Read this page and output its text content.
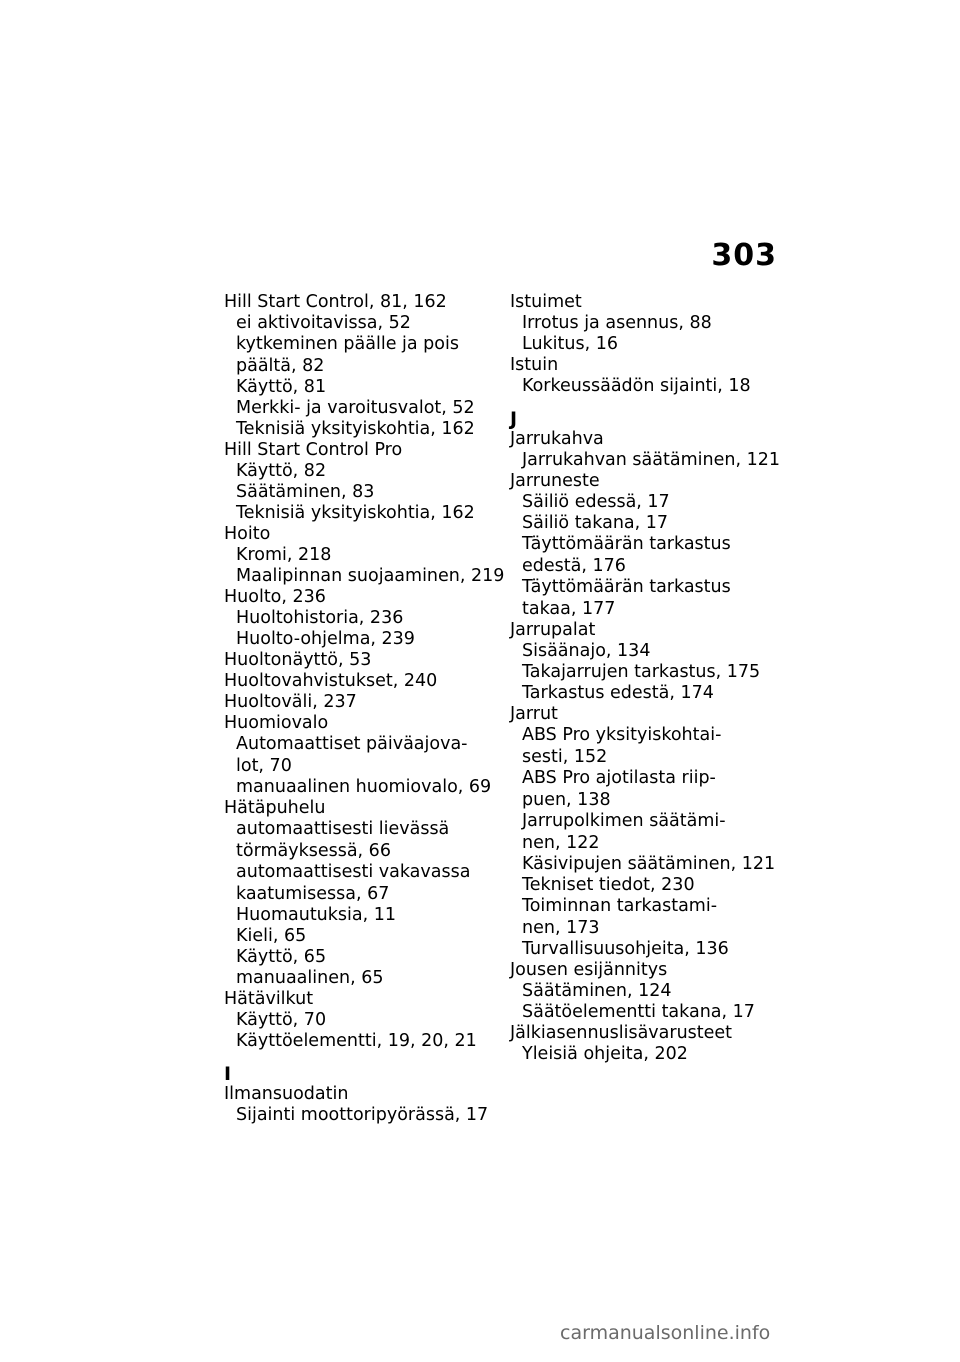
303
Hill Start Control, 81, 162
ei aktivoitavissa, 52
kytkeminen päälle ja pois
päältä, 82
Käyttö, 81
Merkki- ja varoitusvalot, 52
Teknisiä yksityiskohtia, 162
Hill Start Control Pro
Käyttö, 82
Säätäminen, 83
Teknisiä yksityiskohtia, 162
Hoito
Kromi, 218
Maalipinnan suojaaminen, 219
Huolto, 236
Huoltohistoria, 236
Huolto-ohjelma, 239
Huoltonäyttö, 53
Huoltovahvistukset, 240
Huoltoväli, 237
Huomiovalo
Automaattiset päiväajova-
lot, 70
manuaalinen huomiovalo, 69
Hätäpuhelu
automaattisesti lievässä
törmäyksessä, 66
automaattisesti vakavassa
kaatumisessa, 67
Huomautuksia, 11
Kieli, 65
Käyttö, 65
manuaalinen, 65
Hätävilkut
Käyttö, 70
Käyttöelementti, 19, 20, 21
I
Ilmansuodatin
Sijainti moottoripyörässä, 17
Istuimet
Irrotus ja asennus, 88
Lukitus, 16
Istuin
Korkeussäädön sijainti, 18
J
Jarrukahva
Jarrukahvan säätäminen, 121
Jarruneste
Säiliö edessä, 17
Säiliö takana, 17
Täyttömäärän tarkastus
edestä, 176
Täyttömäärän tarkastus
takaa, 177
Jarrupalat
Sisäänajo, 134
Takajarrujen tarkastus, 175
Tarkastus edestä, 174
Jarrut
ABS Pro yksityiskohtai-
sesti, 152
ABS Pro ajotilasta riip-
puen, 138
Jarrupolkimen säätämi-
nen, 122
Käsivipujen säätäminen, 121
Tekniset tiedot, 230
Toiminnan tarkastami-
nen, 173
Turvallisuusohjeita, 136
Jousen esijännitys
Säätäminen, 124
Säätöelementti takana, 17
Jälkiasennuslisävarusteet
Yleisiä ohjeita, 202
carmanualsonline.info
